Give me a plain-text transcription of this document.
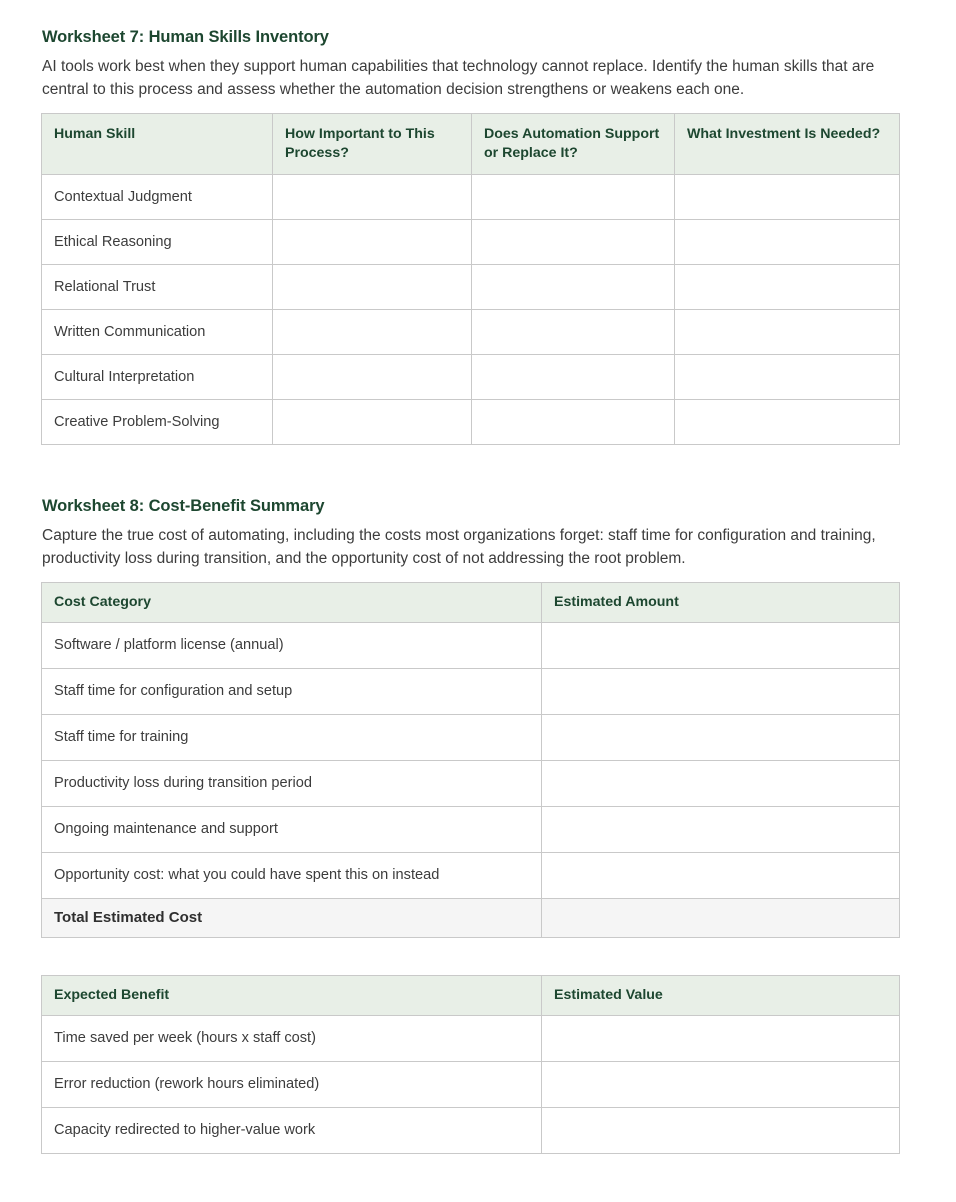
Worksheet 7: Human Skills Inventory

AI tools work best when they support human capabilities that technology cannot replace. Identify the human skills that are central to this process and assess whether the automation decision strengthens or weakens each one.

Human Skill	How Important to This Process?	Does Automation Support or Replace It?	What Investment Is Needed?
Contextual Judgment			
Ethical Reasoning			
Relational Trust			
Written Communication			
Cultural Interpretation			
Creative Problem-Solving			
Worksheet 8: Cost-Benefit Summary

Capture the true cost of automating, including the costs most organizations forget: staff time for configuration and training, productivity loss during transition, and the opportunity cost of not addressing the root problem.

Cost Category	Estimated Amount
Software / platform license (annual)	
Staff time for configuration and setup	
Staff time for training	
Productivity loss during transition period	
Ongoing maintenance and support	
Opportunity cost: what you could have spent this on instead	
Total Estimated Cost	
Expected Benefit	Estimated Value
Time saved per week (hours x staff cost)	
Error reduction (rework hours eliminated)	
Capacity redirected to higher-value work	
